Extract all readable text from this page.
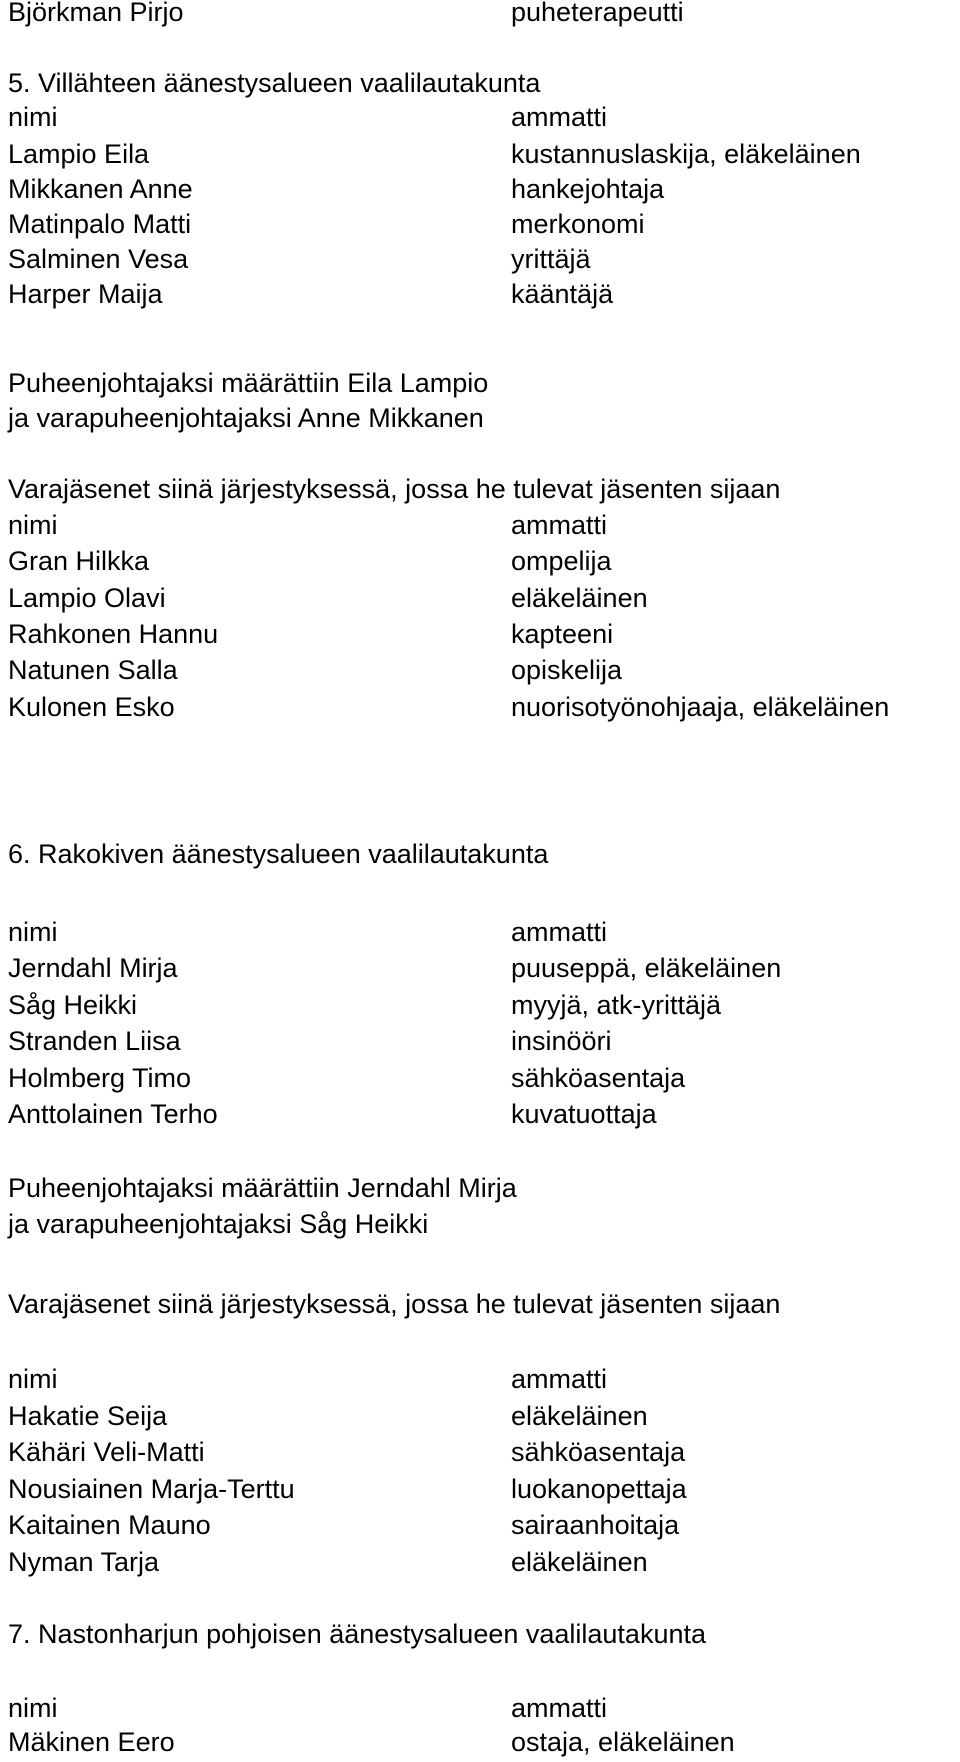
Björkman Pirjo	puheterapeutti
5. Villähteen äänestysalueen vaalilautakunta
nimi	ammatti
Lampio Eila	kustannuslaskija, eläkeläinen
Mikkanen Anne	hankejohtaja
Matinpalo Matti	merkonomi
Salminen Vesa	yrittäjä
Harper Maija	kääntäjä
Puheenjohtajaksi määrättiin Eila Lampio
ja varapuheenjohtajaksi Anne Mikkanen
Varajäsenet siinä järjestyksessä, jossa he tulevat jäsenten sijaan
nimi	ammatti
Gran Hilkka	ompelija
Lampio Olavi	eläkeläinen
Rahkonen Hannu	kapteeni
Natunen Salla	opiskelija
Kulonen Esko	nuorisotyönohjaaja, eläkeläinen
6. Rakokiven äänestysalueen vaalilautakunta
nimi	ammatti
Jerndahl Mirja	puuseppä, eläkeläinen
Såg Heikki	myyjä, atk-yrittäjä
Stranden Liisa	insinööri
Holmberg Timo	sähköasentaja
Anttolainen Terho	kuvatuottaja
Puheenjohtajaksi määrättiin Jerndahl Mirja
ja varapuheenjohtajaksi Såg Heikki
Varajäsenet siinä järjestyksessä, jossa he tulevat jäsenten sijaan
nimi	ammatti
Hakatie Seija	eläkeläinen
Kähäri Veli-Matti	sähköasentaja
Nousiainen Marja-Terttu	luokanopettaja
Kaitainen Mauno	sairaanhoitaja
Nyman Tarja	eläkeläinen
7. Nastonharjun pohjoisen äänestysalueen vaalilautakunta
nimi	ammatti
Mäkinen Eero	ostaja, eläkeläinen
